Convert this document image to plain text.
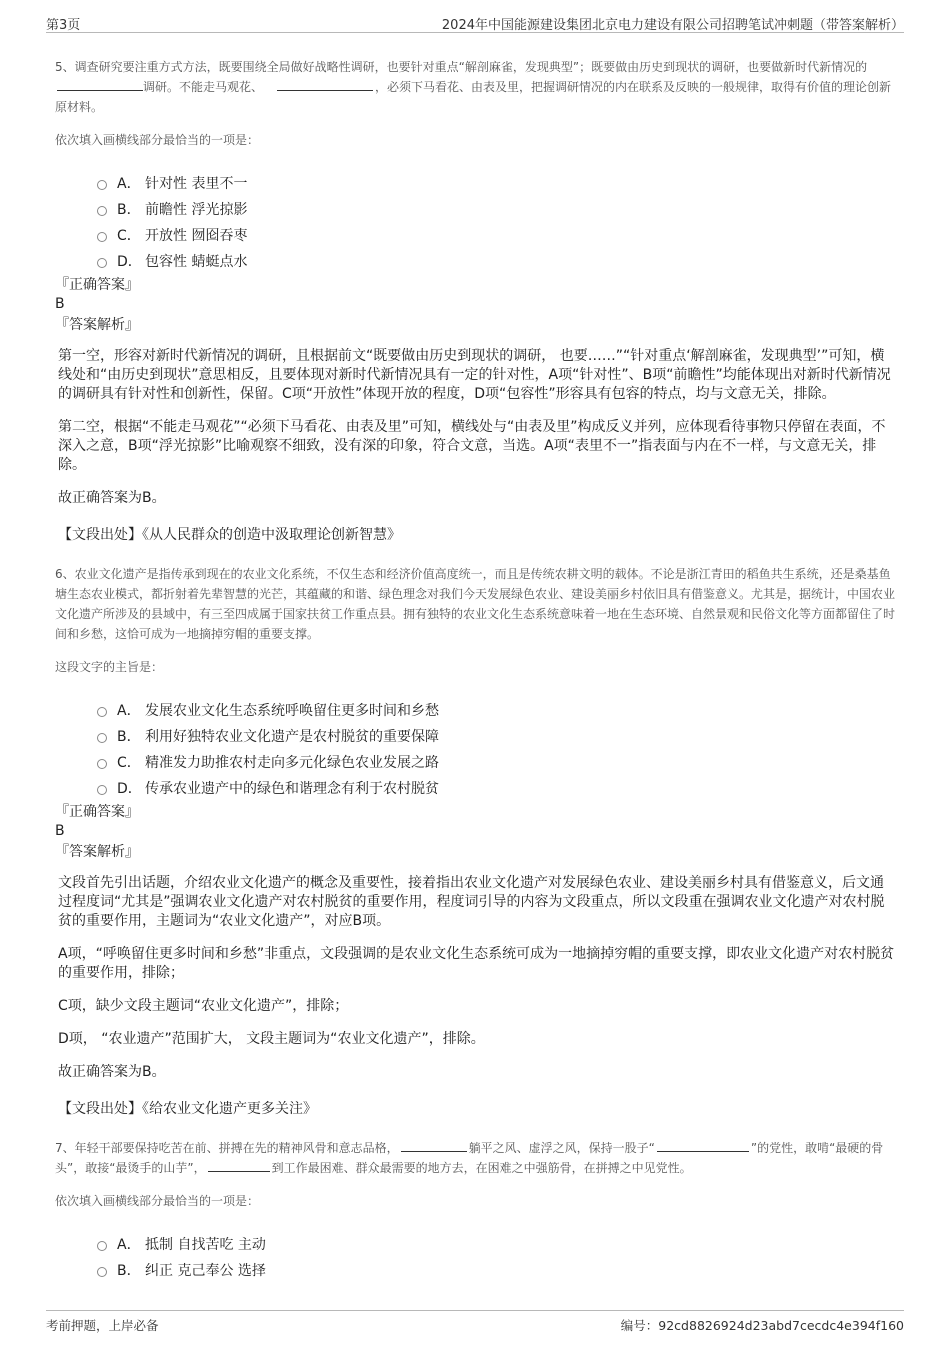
第3页	2024年中国能源建设集团北京电力建设有限公司招聘笔试冲刺题（带答案解析）

5、调查研究要注重方式方法，既要围绕全局做好战略性调研，也要针对重点“解剖麻雀，发现典型”；既要做由历史到现状的调研，也要做新时代新情况的调研。不能走马观花、	，必须下马看花、由表及里，把握调研情况的内在联系及反映的一般规律，取得有价值的理论创新原材料。

依次填入画横线部分最恰当的一项是：

A． 针对性 表里不一
B． 前瞻性 浮光掠影
C． 开放性 囫囵吞枣
D． 包容性 蜻蜓点水

『正确答案』

B

『答案解析』

第一空，形容对新时代新情况的调研，且根据前文“既要做由历史到现状的调研， 也要……”“针对重点‘解剖麻雀，发现典型’”可知，横线处和“由历史到现状”意思相反，且要体现对新时代新情况具有一定的针对性，A项“针对性”、B项“前瞻性”均能体现出对新时代新情况的调研具有针对性和创新性，保留。C项“开放性”体现开放的程度，D项“包容性”形容具有包容的特点，均与文意无关，排除。

第二空，根据“不能走马观花”“必须下马看花、由表及里”可知，横线处与“由表及里”构成反义并列，应体现看待事物只停留在表面，不深入之意，B项“浮光掠影”比喻观察不细致，没有深的印象，符合文意，当选。A项“表里不一”指表面与内在不一样，与文意无关，排除。

故正确答案为B。

【文段出处】《从人民群众的创造中汲取理论创新智慧》

6、农业文化遗产是指传承到现在的农业文化系统，不仅生态和经济价值高度统一，而且是传统农耕文明的载体。不论是浙江青田的稻鱼共生系统，还是桑基鱼塘生态农业模式，都折射着先辈智慧的光芒，其蕴藏的和谐、绿色理念对我们今天发展绿色农业、建设美丽乡村依旧具有借鉴意义。尤其是，据统计，中国农业文化遗产所涉及的县域中，有三至四成属于国家扶贫工作重点县。拥有独特的农业文化生态系统意味着一地在生态环境、自然景观和民俗文化等方面都留住了时间和乡愁，这恰可成为一地摘掉穷帽的重要支撑。

这段文字的主旨是：

A． 发展农业文化生态系统呼唤留住更多时间和乡愁
B． 利用好独特农业文化遗产是农村脱贫的重要保障
C． 精准发力助推农村走向多元化绿色农业发展之路
D． 传承农业遗产中的绿色和谐理念有利于农村脱贫

『正确答案』

B

『答案解析』

文段首先引出话题，介绍农业文化遗产的概念及重要性，接着指出农业文化遗产对发展绿色农业、建设美丽乡村具有借鉴意义，后文通过程度词“尤其是”强调农业文化遗产对农村脱贫的重要作用，程度词引导的内容为文段重点，所以文段重在强调农业文化遗产对农村脱贫的重要作用，主题词为“农业文化遗产”，对应B项。

A项，“呼唤留住更多时间和乡愁”非重点，文段强调的是农业文化生态系统可成为一地摘掉穷帽的重要支撑，即农业文化遗产对农村脱贫的重要作用，排除；

C项，缺少文段主题词“农业文化遗产”，排除；

D项， “农业遗产”范围扩大， 文段主题词为“农业文化遗产”，排除。

故正确答案为B。

【文段出处】《给农业文化遗产更多关注》

7、年轻干部要保持吃苦在前、拼搏在先的精神风骨和意志品格，	躺平之风、虚浮之风，保持一股子“	”的党性，敢啃“最硬的骨头”，敢接“最烫手的山芋”，	到工作最困难、群众最需要的地方去，在困难之中强筋骨，在拼搏之中见党性。

依次填入画横线部分最恰当的一项是：

A． 抵制 自找苦吃 主动
B． 纠正 克己奉公 选择
考前押题，上岸必备	编号：92cd8826924d23abd7cecdc4e394f160
